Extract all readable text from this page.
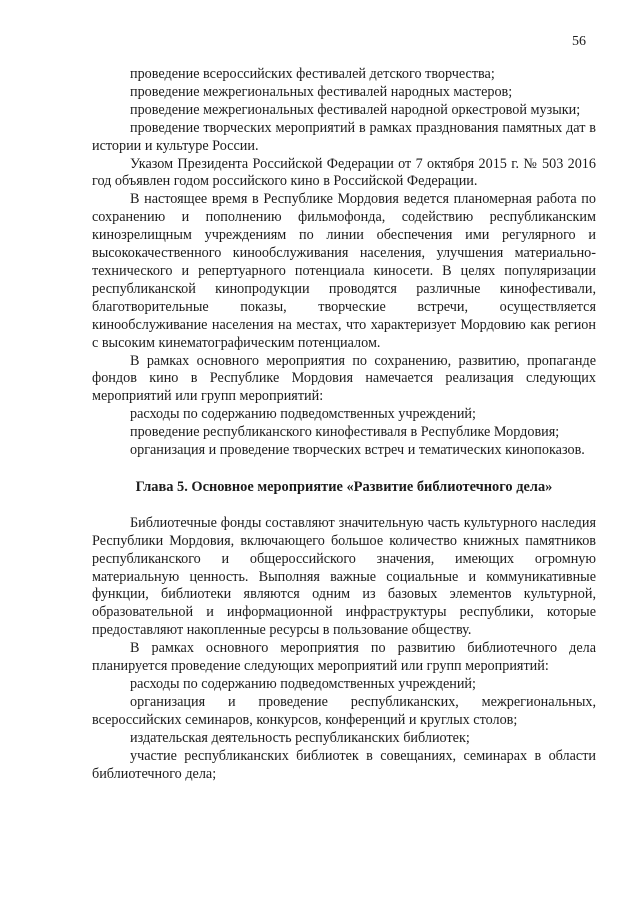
56

проведение всероссийских фестивалей детского творчества;

проведение межрегиональных фестивалей народных мастеров;

проведение межрегиональных фестивалей народной оркестровой музыки;

проведение творческих мероприятий в рамках празднования памятных дат в истории и культуре России.

Указом Президента Российской Федерации от 7 октября 2015 г. № 503 2016 год объявлен годом российского кино в Российской Федерации.

В настоящее время в Республике Мордовия ведется планомерная работа по сохранению и пополнению фильмофонда, содействию республиканским кинозрелищным учреждениям по линии обеспечения ими регулярного и высококачественного кинообслуживания населения, улучшения материально-технического и репертуарного потенциала киносети. В целях популяризации республиканской кинопродукции проводятся различные кинофестивали, благотворительные показы, творческие встречи, осуществляется кинообслуживание населения на местах, что характеризует Мордовию как регион с высоким кинематографическим потенциалом.

В рамках основного мероприятия по сохранению, развитию, пропаганде фондов кино в Республике Мордовия намечается реализация следующих мероприятий или групп мероприятий:

расходы по содержанию подведомственных учреждений;

проведение республиканского кинофестиваля в Республике Мордовия;

организация и проведение творческих встреч и тематических кинопоказов.

Глава 5. Основное мероприятие «Развитие библиотечного дела»

Библиотечные фонды составляют значительную часть культурного наследия Республики Мордовия, включающего большое количество книжных памятников республиканского и общероссийского значения, имеющих огромную материальную ценность. Выполняя важные социальные и коммуникативные функции, библиотеки являются одним из базовых элементов культурной, образовательной и информационной инфраструктуры республики, которые предоставляют накопленные ресурсы в пользование обществу.

В рамках основного мероприятия по развитию библиотечного дела планируется проведение следующих мероприятий или групп мероприятий:

расходы по содержанию подведомственных учреждений;

организация и проведение республиканских, межрегиональных, всероссийских семинаров, конкурсов, конференций и круглых столов;

издательская деятельность республиканских библиотек;

участие республиканских библиотек в совещаниях, семинарах в области библиотечного дела;
